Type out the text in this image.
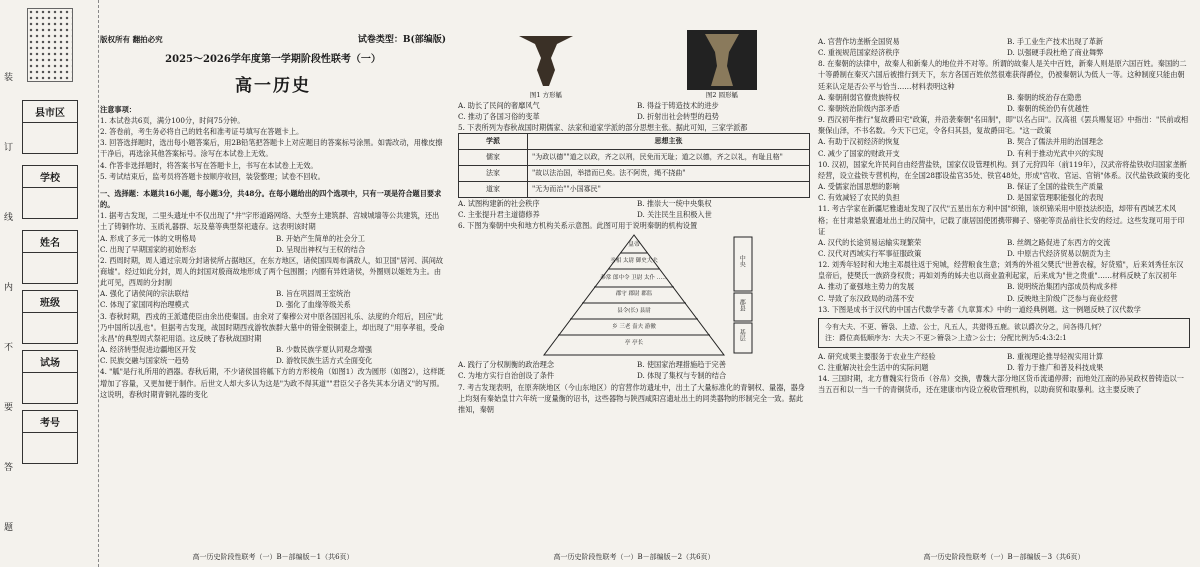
县市区
学校
姓名
班级
试场
考号
装
订
线
内
不
要
答
题
版权所有 翻拍必究	试卷类型：B(部编版)
2025～2026学年度第一学期阶段性联考（一）
高一历史

注意事项：

1. 本试卷共6页，满分100分，时间75分钟。

2. 答卷前，考生务必将自己的姓名和准考证号填写在答题卡上。

3. 回答选择题时，选出每小题答案后，用2B铅笔把答题卡上对应题目的答案标号涂黑。如需改动，用橡皮擦干净后，再选涂其他答案标号。涂写在本试卷上无效。

4. 作答非选择题时，将答案书写在答题卡上，书写在本试卷上无效。

5. 考试结束后，监考员将答题卡按顺序收回，装袋整理；试卷不回收。

一、选择题：本题共16小题，每小题3分，共48分。在每小题给出的四个选项中，只有一项是符合题目要求的。

1. 据考古发现，二里头遗址中不仅出现了"井"字形道路网络、大型夯土建筑群、宫城城墙等公共建筑，还出土了铸铜作坊、玉质礼器群、坛及墓等典型祭祀遗存。这表明该时期

A. 形成了多元一体的文明格局	B. 开始产生简单的社会分工
C. 出现了早期国家的初始形态	D. 呈现出神权与王权的结合

2. 西周时期，周人通过宗周分封诸侯所占据地区，在东方地区，诸侯国四周布满敌人，如卫国"居河、淇间故商墟"。经过如此分封，周人的封国对殷商故地形成了两个包围圈；内圈有异姓诸侯，外圈则以姬姓为主。由此可见，西周的分封制

A. 强化了诸侯间的宗法联结	B. 旨在巩固周王室统治
C. 体现了家国同构治理模式	D. 强化了血缘等级关系

3. 春秋时期，西戎的王派遣使臣由余出使秦国。由余对了秦穆公对中原各国因礼乐、法度的介绍后，回应"此乃中国所以乱也"。但据考古发现，战国时期西戎游牧族群大墓中的错金银铜壶上，却出现了"用享孝祖，受命永昌"的典型周式祭祀用语。这反映了春秋战国时期

A. 经济转型促进边疆地区开发	B. 少数民族学夏认同观念增强
C. 民族交融与国家统一趋势	D. 游牧民族生活方式全面变化

4. "觚"是行礼所用的酒器。春秋后期，不少诸侯国将觚下方的方形棱角（如图1）改为圆形（如图2），这样既增加了容量，又更加便于制作。后世文人却大多认为这是"为政不得其道""君臣父子各失其本分诸义"的写照。这说明，春秋时期青铜礼器的变化

高一历史阶段性联考（一）B－部编版－1（共6页）
图1 方形觚	图2 圆形觚
A. 助长了民间的奢靡风气	B. 得益于铸造技术的进步
C. 推动了各国习俗的变革	D. 折射出社会转型的趋势

5. 下表所列为春秋战国时期儒家、法家和道家学派的部分思想主张。据此可知，三家学派都

学派	思想主张
儒家	"为政以德""道之以政，齐之以刑，民免而无耻；道之以德，齐之以礼，有耻且格"
法家	"故以法治国，举措而已矣。法不阿贵，绳不挠曲"
道家	"无为而治""小国寡民"
A. 试图构建新的社会秩序	B. 推崇大一统中央集权
C. 主张提升君主道德修养	D. 关注民生且积极入世

6. 下图为秦朝中央和地方机构关系示意图。此图可用于说明秦朝的机构设置

皇帝
丞相 太尉 御史大夫
奉常 郎中令 卫尉 太仆 ……
郡守 郡尉 郡监
县令(长) 县尉
乡 三老 啬夫 游徼
亭 亭长
中央
郡县
基层
A. 践行了分权制衡的政治理念	B. 使国家治理措施趋于完善
C. 为地方实行自治创设了条件	D. 体现了集权与专制的结合

7. 考古发现表明，在原奔陕地区（今山东地区）的官营作坊遗址中，出土了大量标准化的青铜权、量器，器身上均刻有秦始皇廿六年统一度量衡的诏书，这些器物与陕西咸阳宫遗址出土的同类器物的形制完全一致。据此推知，秦朝

高一历史阶段性联考（一）B－部编版－2（共6页）
A. 官营作坊垄断全国贸易	B. 手工业生产技术出现了革新
C. 重视规范国家经济秩序	D. 以强硬手段杜绝了商业舞弊

8. 在秦朝的法律中，故秦人和新秦人的地位并不对等。所谓的故秦人是关中百姓，新秦人则是原六国百姓。秦国的二十等爵制在秦灭六国后被推行到天下，东方各国百姓依然很难获得爵位，仍被秦朝认为低人一等。这种制度只能由朝廷来认定是否公平与恰当……材料表明这种

A. 秦朝削弱官僚贵族特权	B. 秦朝的统治存在隐患
C. 秦朝统治阶级内部矛盾	D. 秦朝的统治仍有优越性

9. 西汉初年推行"复故爵田宅"政策，并沿袭秦朝"名田制"，即"以名占田"。汉高祖《罢兵赐复诏》中指出："民前或相聚保山泽，不书名数。今天下已定，令各归其县，复故爵田宅。"这一政策

A. 有助于汉初经济的恢复	B. 契合了儒法并用的治国理念
C. 减少了国家的财政开支	D. 有利于推动光武中兴的实现

10. 汉初，国家允许民间自由经营盐铁，国家仅设管理机构。到了元狩四年（前119年），汉武帝将盐铁收归国家垄断经营，设立盐铁专营机构，在全国28郡设盐官35处、铁官48处，形成"官收、官运、官销"体系。汉代盐铁政策的变化

A. 受儒家治国思想的影响	B. 保证了全国的盐铁生产质量
C. 有效减轻了农民的负担	D. 是国家管理职能强化的表现

11. 考古学家在新疆尼雅遗址发现了汉代"五星出东方利中国"织锦，该织锦采用中原技法织造，却带有西域艺术风格；在甘肃悬泉置遗址出土的汉简中，记载了康居国使团携带狮子、骆驼等贡品前往长安的经过。这些发现可用于印证

A. 汉代的长途贸易运输实现繁荣	B. 丝绸之路促进了东西方的交流
C. 汉代对西域实行军事征服政策	D. 中原古代经济贸易以朝贡为主

12. 刘秀年轻时和大地主邓晨往返于宛城，经营粮食生意；刘秀的外祖父樊氏"世善农稼，好货殖"，后来刘秀任东汉皇帝后，使樊氏一族跻身权贵；再如刘秀的姊夫也以商业盈利起家，后来成为"世之贵重"……材料反映了东汉初年

A. 推动了豪强地主势力的发展	B. 说明统治集团内部成员构成多样
C. 导致了东汉政局的动荡不安	D. 反映地主阶级广泛参与商业经营

13. 下图是成书于汉代的中国古代数学专著《九章算术》中的一道经典例题。这一例题反映了汉代数学

今有大夫、不更、簪袅、上造、公士，凡五人，共猎得五鹿。欲以爵次分之，问各得几何？

注：爵位高低顺序为：大夫＞不更＞簪袅＞上造＞公士；分配比例为5:4:3:2:1

A. 研究成果主要服务于农业生产经验	B. 重视理论推导轻视实用计算
C. 注重解决社会生活中的实际问题	D. 着力于推广和普及科技成果

14. 三国时期，北方曹魏实行货币（谷帛）交换，曹魏大部分地区货币流通停滞；而地处江南的孙吴政权曾铸造以一当五百和以一当一千的青铜货币，还在建康市内设立税收管理机构，以助商贸和取暴利。这主要反映了

高一历史阶段性联考（一）B－部编版－3（共6页）
